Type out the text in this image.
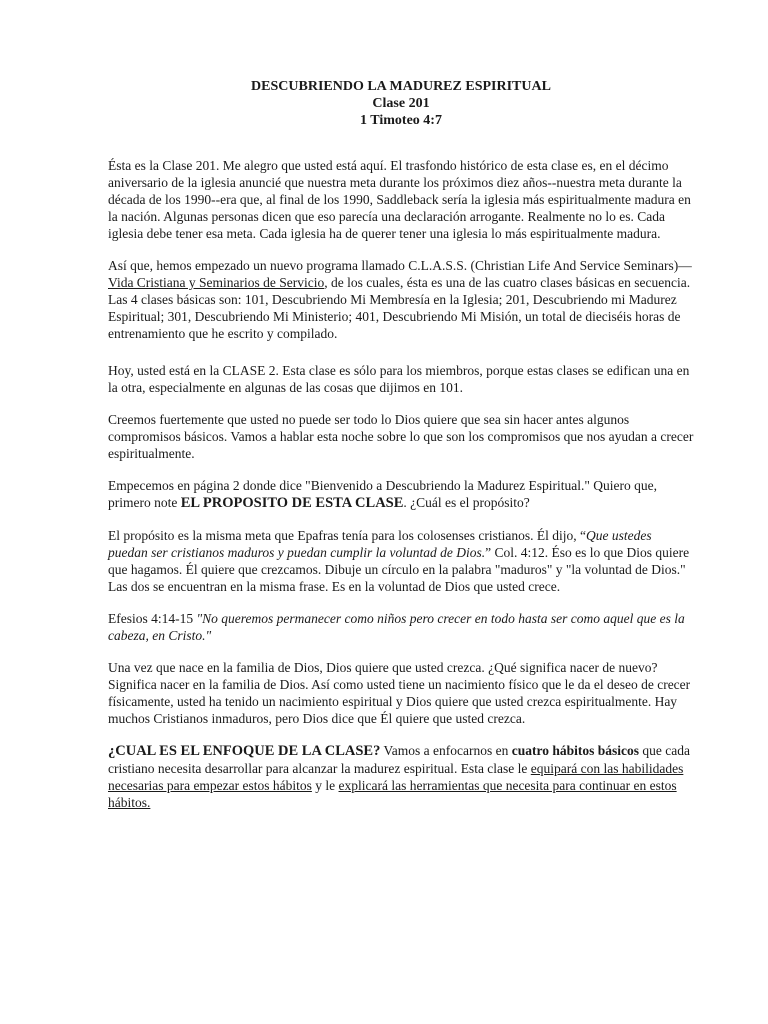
DESCUBRIENDO LA MADUREZ ESPIRITUAL
Clase 201
1 Timoteo 4:7

Ésta es la Clase 201. Me alegro que usted está aquí. El trasfondo histórico de esta clase es, en el décimo aniversario de la iglesia anuncié que nuestra meta durante los próximos diez años--nuestra meta durante la década de los 1990--era que, al final de los 1990, Saddleback sería la iglesia más espiritualmente madura en la nación. Algunas personas dicen que eso parecía una declaración arrogante. Realmente no lo es. Cada iglesia debe tener esa meta. Cada iglesia ha de querer tener una iglesia lo más espiritualmente madura.

Así que, hemos empezado un nuevo programa llamado C.L.A.S.S. (Christian Life And Service Seminars)—Vida Cristiana y Seminarios de Servicio, de los cuales, ésta es una de las cuatro clases básicas en secuencia. Las 4 clases básicas son: 101, Descubriendo Mi Membresía en la Iglesia; 201, Descubriendo mi Madurez Espiritual; 301, Descubriendo Mi Ministerio; 401, Descubriendo Mi Misión, un total de dieciséis horas de entrenamiento que he escrito y compilado.

Hoy, usted está en la CLASE 2. Esta clase es sólo para los miembros, porque estas clases se edifican una en la otra, especialmente en algunas de las cosas que dijimos en 101.

Creemos fuertemente que usted no puede ser todo lo Dios quiere que sea sin hacer antes algunos compromisos básicos. Vamos a hablar esta noche sobre lo que son los compromisos que nos ayudan a crecer espiritualmente.

Empecemos en página 2 donde dice "Bienvenido a Descubriendo la Madurez Espiritual." Quiero que, primero note EL PROPOSITO DE ESTA CLASE. ¿Cuál es el propósito?

El propósito es la misma meta que Epafras tenía para los colosenses cristianos. Él dijo, “Que ustedes puedan ser cristianos maduros y puedan cumplir la voluntad de Dios.” Col. 4:12. Éso es lo que Dios quiere que hagamos. Él quiere que crezcamos. Dibuje un círculo en la palabra "maduros" y "la voluntad de Dios." Las dos se encuentran en la misma frase. Es en la voluntad de Dios que usted crece.

Efesios 4:14-15 "No queremos permanecer como niños pero crecer en todo hasta ser como aquel que es la cabeza, en Cristo."

Una vez que nace en la familia de Dios, Dios quiere que usted crezca. ¿Qué significa nacer de nuevo? Significa nacer en la familia de Dios. Así como usted tiene un nacimiento físico que le da el deseo de crecer físicamente, usted ha tenido un nacimiento espiritual y Dios quiere que usted crezca espiritualmente. Hay muchos Cristianos inmaduros, pero Dios dice que Él quiere que usted crezca.

¿CUAL ES EL ENFOQUE DE LA CLASE? Vamos a enfocarnos en cuatro hábitos básicos que cada cristiano necesita desarrollar para alcanzar la madurez espiritual. Esta clase le equipará con las habilidades necesarias para empezar estos hábitos y le explicará las herramientas que necesita para continuar en estos hábitos.
